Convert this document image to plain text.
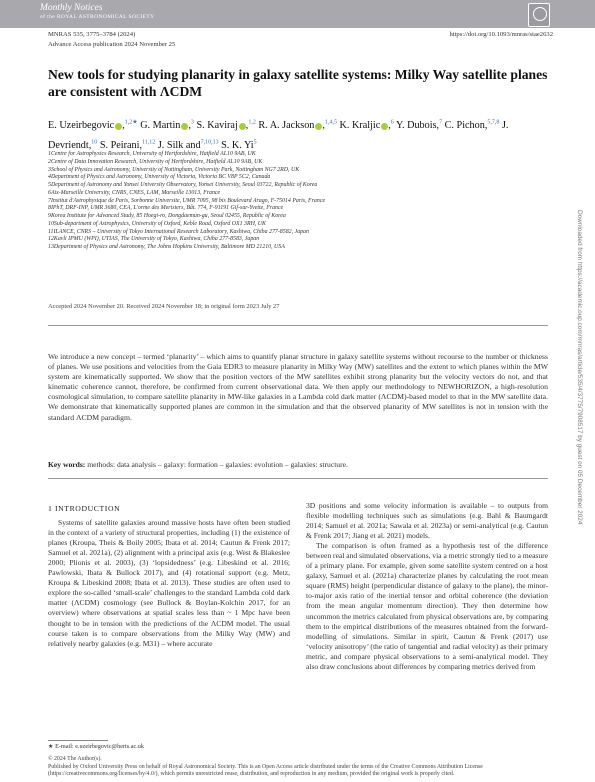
Monthly Notices
of the ROYAL ASTRONOMICAL SOCIETY
MNRAS 535, 3775–3784 (2024)
Advance Access publication 2024 November 25
https://doi.org/10.1093/mnras/stae2632
New tools for studying planarity in galaxy satellite systems: Milky Way satellite planes are consistent with ΛCDM
E. Uzeirbegovic ,$^{1,2★}$ G. Martin ,$^3$ S. Kaviraj ,$^{1,2}$ R. A. Jackson ,$^{1,4,5}$ K. Kraljic ,$^6$ Y. Dubois,$^7$ C. Pichon,$^{5,7,8}$ J. Devriendt,$^{10}$ S. Peirani,$^{11,12}$ J. Silk and$^{7,10,13}$ S. K. Yi$^5$
1Centre for Astrophysics Research, University of Hertfordshire, Hatfield AL10 9AB, UK
2Centre of Data Innovation Research, University of Hertfordshire, Hatfield AL10 9AB, UK
3School of Physics and Astronomy, University of Nottingham, University Park, Nottingham NG7 2RD, UK
4Department of Physics and Astronomy, University of Victoria, Victoria BC V8P 5C2, Canada
5Department of Astronomy and Yonsei University Observatory, Yonsei University, Seoul 03722, Republic of Korea
6Aix-Marseille University, CNRS, CNES, LAM, Marseille 13013, France
7Institut d'Astrophysique de Paris, Sorbonne Universite, UMR 7095, 98 bis Boulevard Arago, F-75014 Paris, France
8IPhT, DRF-INP, UMR 3680, CEA, L'orme des Merisiers, Bât. 774, F-91191 Gif-sur-Yvette, France
9Korea Institute for Advanced Study, 85 Hoegi-ro, Dongdaemun-gu, Seoul 02455, Republic of Korea
10Sub-department of Astrophysics, University of Oxford, Keble Road, Oxford OX1 3RH, UK
11ILANCE, CNRS – University of Tokyo International Research Laboratory, Kashiwa, Chiba 277-8582, Japan
12Kavli IPMU (WPI), UTIAS, The University of Tokyo, Kashiwa, Chiba 277-8583, Japan
13Department of Physics and Astronomy, The Johns Hopkins University, Baltimore MD 21210, USA
Accepted 2024 November 20. Received 2024 November 18; in original form 2023 July 27
We introduce a new concept – termed ‘planarity’ – which aims to quantify planar structure in galaxy satellite systems without recourse to the number or thickness of planes. We use positions and velocities from the Gaia EDR3 to measure planarity in Milky Way (MW) satellites and the extent to which planes within the MW system are kinematically supported. We show that the position vectors of the MW satellites exhibit strong planarity but the velocity vectors do not, and that kinematic coherence cannot, therefore, be confirmed from current observational data. We then apply our methodology to NEWHORIZON, a high-resolution cosmological simulation, to compare satellite planarity in MW-like galaxies in a Lambda cold dark matter (ΛCDM)-based model to that in the MW satellite data. We demonstrate that kinematically supported planes are common in the simulation and that the observed planarity of MW satellites is not in tension with the standard ΛCDM paradigm.
Key words: methods: data analysis – galaxy: formation – galaxies: evolution – galaxies: structure.
1 INTRODUCTION

Systems of satellite galaxies around massive hosts have often been studied in the context of a variety of structural properties, including (1) the existence of planes (Kroupa, Theis & Boily 2005; Ibata et al. 2014; Cautun & Frenk 2017; Samuel et al. 2021a), (2) alignment with a principal axis (e.g. West & Blakeslee 2000; Plionis et al. 2003), (3) ‘lopsidedness’ (e.g. Libeskind et al. 2016; Pawlowski, Ibata & Bullock 2017), and (4) rotational support (e.g. Metz, Kroupa & Libeskind 2008; Ibata et al. 2013). These studies are often used to explore the so-called ‘small-scale’ challenges to the standard Lambda cold dark matter (ΛCDM) cosmology (see Bullock & Boylan-Kolchin 2017, for an overview) where observations at spatial scales less than ~ 1 Mpc have been thought to be in tension with the predictions of the ΛCDM model. The usual course taken is to compare observations from the Milky Way (MW) and relatively nearby galaxies (e.g. M31) – where accurate

3D positions and some velocity information is available – to outputs from flexible modelling techniques such as simulations (e.g. Bahl & Baumgardt 2014; Samuel et al. 2021a; Sawala et al. 2023a) or semi-analytical (e.g. Cautun & Frenk 2017; Jiang et al. 2021) models.

The comparison is often framed as a hypothesis test of the difference between real and simulated observations, via a metric strongly tied to a measure of a primary plane. For example, given some satellite system centred on a host galaxy, Samuel et al. (2021a) characterize planes by calculating the root mean square (RMS) height (perpendicular distance of galaxy to the plane), the minor-to-major axis ratio of the inertial tensor and orbital coherence (the deviation from the mean angular momentum direction). They then determine how uncommon the metrics calculated from physical observations are, by comparing them to the empirical distributions of the measures obtained from the forward-modelling of simulations. Similar in spirit, Cautun & Frenk (2017) use ‘velocity anisotropy’ (the ratio of tangential and radial velocity) as their primary metric, and compare physical observations to a semi-analytical model. They also draw conclusions about differences by comparing metrics derived from

★ E-mail: e.uzeirbegovic@herts.ac.uk
© 2024 The Author(s).
Published by Oxford University Press on behalf of Royal Astronomical Society. This is an Open Access article distributed under the terms of the Creative Commons Attribution License (https://creativecommons.org/licenses/by/4.0/), which permits unrestricted reuse, distribution, and reproduction in any medium, provided the original work is properly cited.
Downloaded from https://academic.oup.com/mnras/article/535/4/3775/7908517 by guest on 05 December 2024
